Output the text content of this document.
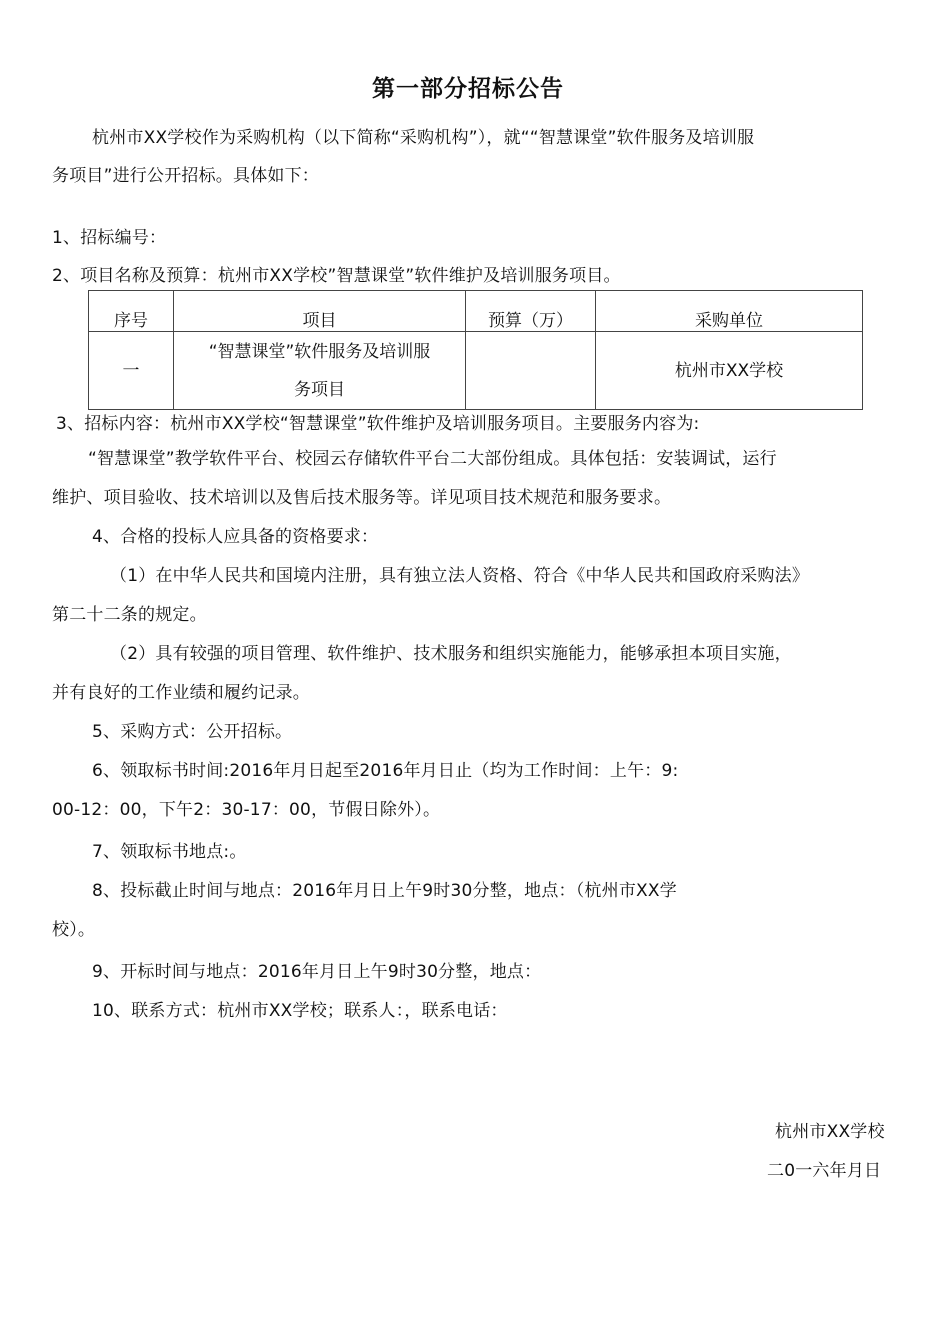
第一部分招标公告
杭州市XX学校作为采购机构（以下简称“采购机构”），就““智慧课堂”软件服务及培训服
务项目”进行公开招标。具体如下：
1、招标编号：
2、项目名称及预算：杭州市XX学校”智慧课堂”软件维护及培训服务项目。
序号	项目	预算（万）	采购单位
一	“智慧课堂”软件服务及培训服
务项目		杭州市XX学校
3、招标内容：杭州市XX学校“智慧课堂”软件维护及培训服务项目。主要服务内容为:
“智慧课堂”教学软件平台、校园云存储软件平台二大部份组成。具体包括：安装调试，运行
维护、项目验收、技术培训以及售后技术服务等。详见项目技术规范和服务要求。
4、合格的投标人应具备的资格要求：
（1）在中华人民共和国境内注册，具有独立法人资格、符合《中华人民共和国政府采购法》
第二十二条的规定。
（2）具有较强的项目管理、软件维护、技术服务和组织实施能力，能够承担本项目实施，
并有良好的工作业绩和履约记录。
5、采购方式：公开招标。
6、领取标书时间:2016年月日起至2016年月日止（均为工作时间：上午：9:
00-12：00，下午2：30-17：00，节假日除外）。
7、领取标书地点:。
8、投标截止时间与地点：2016年月日上午9时30分整，地点：（杭州市XX学
校）。
9、开标时间与地点：2016年月日上午9时30分整，地点：
10、联系方式：杭州市XX学校；联系人：，联系电话：
杭州市XX学校
二0一六年月日
